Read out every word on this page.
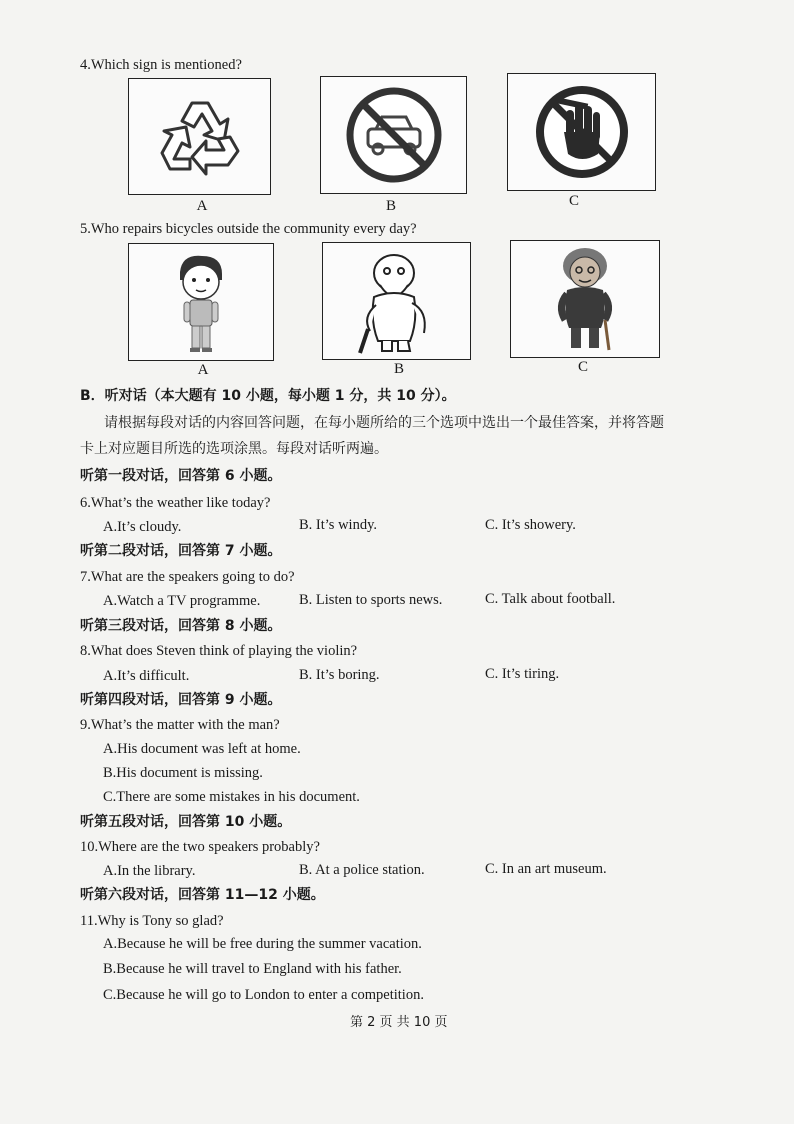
4.Which sign is mentioned?
A	B	C
5.Who repairs bicycles outside the community every day?
A	B	C
B．听对话（本大题有 10 小题，每小题 1 分，共 10 分）。
请根据每段对话的内容回答问题，在每小题所给的三个选项中选出一个最佳答案，并将答题
卡上对应题目所选的选项涂黑。每段对话听两遍。
听第一段对话，回答第 6 小题。
6.What’s the weather like today?
A.It’s cloudy.	B. It’s windy.	C. It’s showery.
听第二段对话，回答第 7 小题。
7.What are the speakers going to do?
A.Watch a TV programme.	B. Listen to sports news.	C. Talk about football.
听第三段对话，回答第 8 小题。
8.What does Steven think of playing the violin?
A.It’s difficult.	B. It’s boring.	C. It’s tiring.
听第四段对话，回答第 9 小题。
9.What’s the matter with the man?
A.His document was left at home.
B.His document is missing.
C.There are some mistakes in his document.
听第五段对话，回答第 10 小题。
10.Where are the two speakers probably?
A.In the library.	B. At a police station.	C. In an art museum.
听第六段对话，回答第 11—12 小题。
11.Why is Tony so glad?
A.Because he will be free during the summer vacation.
B.Because he will travel to England with his father.
C.Because he will go to London to enter a competition.
第 2 页 共 10 页
